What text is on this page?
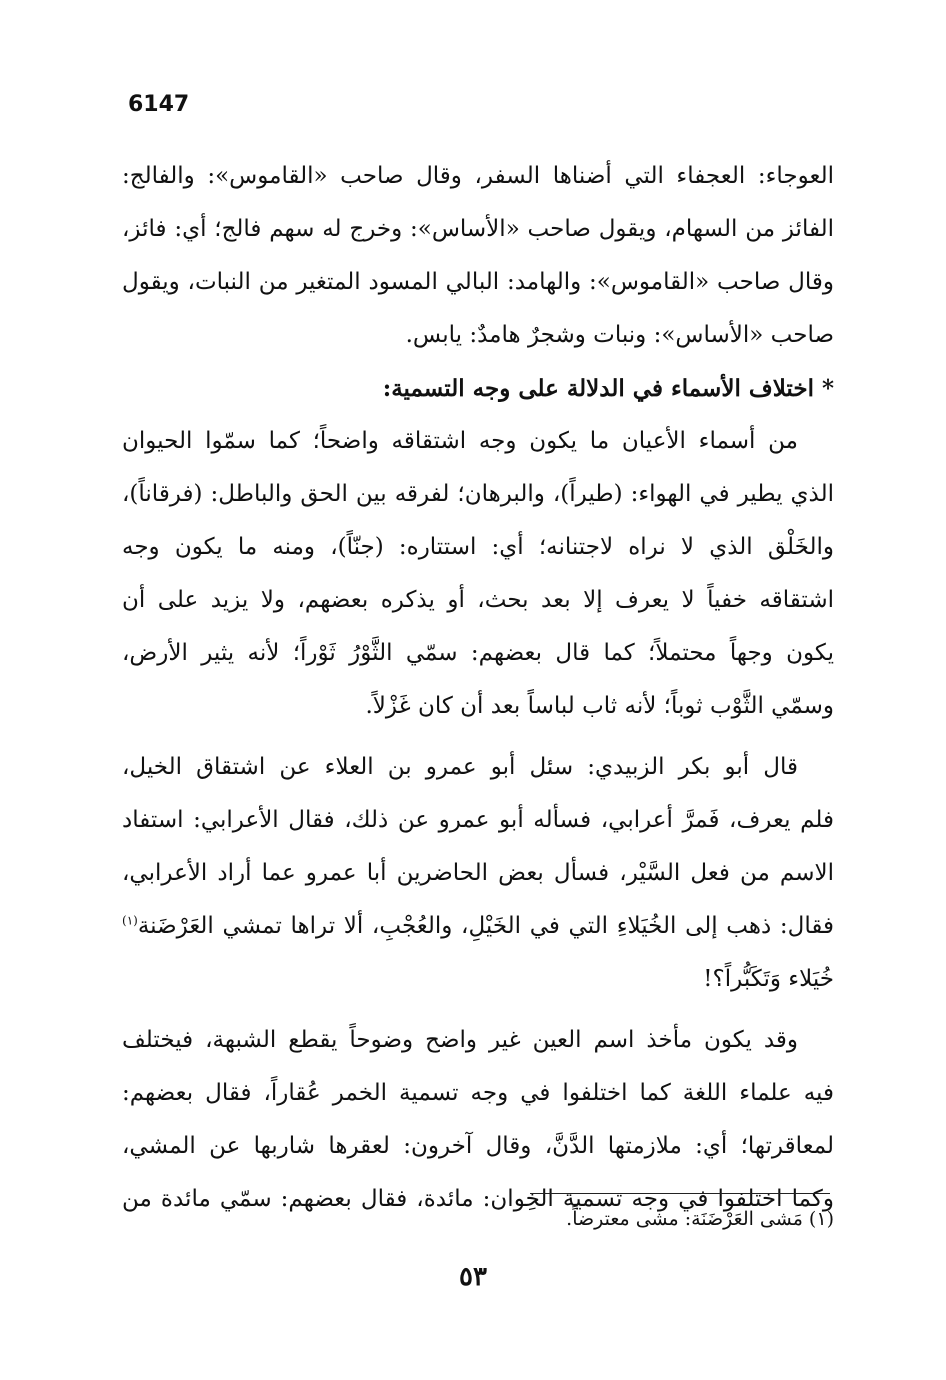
6147

العوجاء: العجفاء التي أضناها السفر، وقال صاحب «القاموس»: والفالج:

الفائز من السهام، ويقول صاحب «الأساس»: وخرج له سهم فالج؛ أي: فائز،

وقال صاحب «القاموس»: والهامد: البالي المسود المتغير من النبات، ويقول

صاحب «الأساس»: ونبات وشجرٌ هامدٌ: يابس.

* اختلاف الأسماء في الدلالة على وجه التسمية:

من أسماء الأعيان ما يكون وجه اشتقاقه واضحاً؛ كما سمّوا الحيوان

الذي يطير في الهواء: (طيراً)، والبرهان؛ لفرقه بين الحق والباطل: (فرقاناً)،

والخَلْق الذي لا نراه لاجتنانه؛ أي: استتاره: (جنّاً)، ومنه ما يكون وجه

اشتقاقه خفياً لا يعرف إلا بعد بحث، أو يذكره بعضهم، ولا يزيد على أن

يكون وجهاً محتملاً؛ كما قال بعضهم: سمّي الثَّوْرُ ثَوْراً؛ لأنه يثير الأرض،

وسمّي الثَّوْب ثوباً؛ لأنه ثاب لباساً بعد أن كان غَزْلاً.

قال أبو بكر الزبيدي: سئل أبو عمرو بن العلاء عن اشتقاق الخيل،

فلم يعرف، فَمرَّ أعرابي، فسأله أبو عمرو عن ذلك، فقال الأعرابي: استفاد

الاسم من فعل السَّيْر، فسأل بعض الحاضرين أبا عمرو عما أراد الأعرابي،

فقال: ذهب إلى الخُيَلاءِ التي في الخَيْلِ، والعُجْبِ، ألا تراها تمشي العَرْضَنة$^{(١)}$

خُيَلاء وَتَكَبُّراً؟!

وقد يكون مأخذ اسم العين غير واضح وضوحاً يقطع الشبهة، فيختلف

فيه علماء اللغة كما اختلفوا في وجه تسمية الخمر عُقاراً، فقال بعضهم:

لمعاقرتها؛ أي: ملازمتها الدَّنَّ، وقال آخرون: لعقرها شاربها عن المشي،

وكما اختلفوا في وجه تسمية الخِوان: مائدة، فقال بعضهم: سمّي مائدة من

(١) مَشى العَرْضَنَة: مشى معترضاً.
٥٣
